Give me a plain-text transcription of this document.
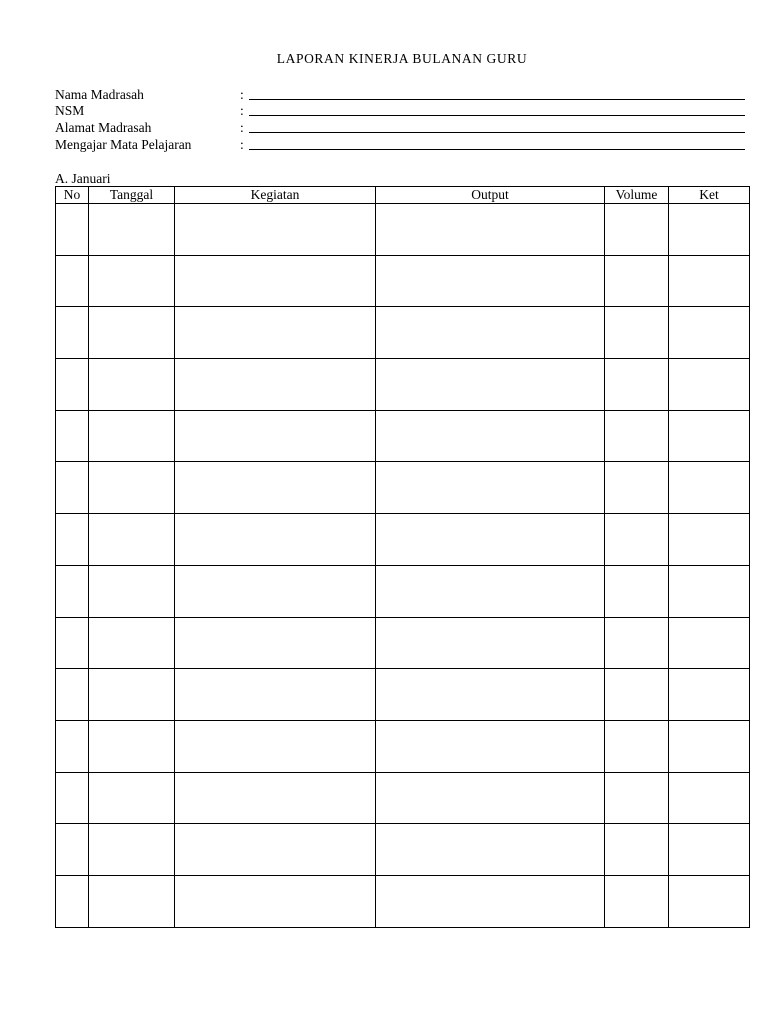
LAPORAN KINERJA BULANAN GURU
Nama Madrasah	:
NSM	:
Alamat Madrasah	:
Mengajar Mata Pelajaran	:
A. Januari
No	Tanggal	Kegiatan	Output	Volume	Ket
